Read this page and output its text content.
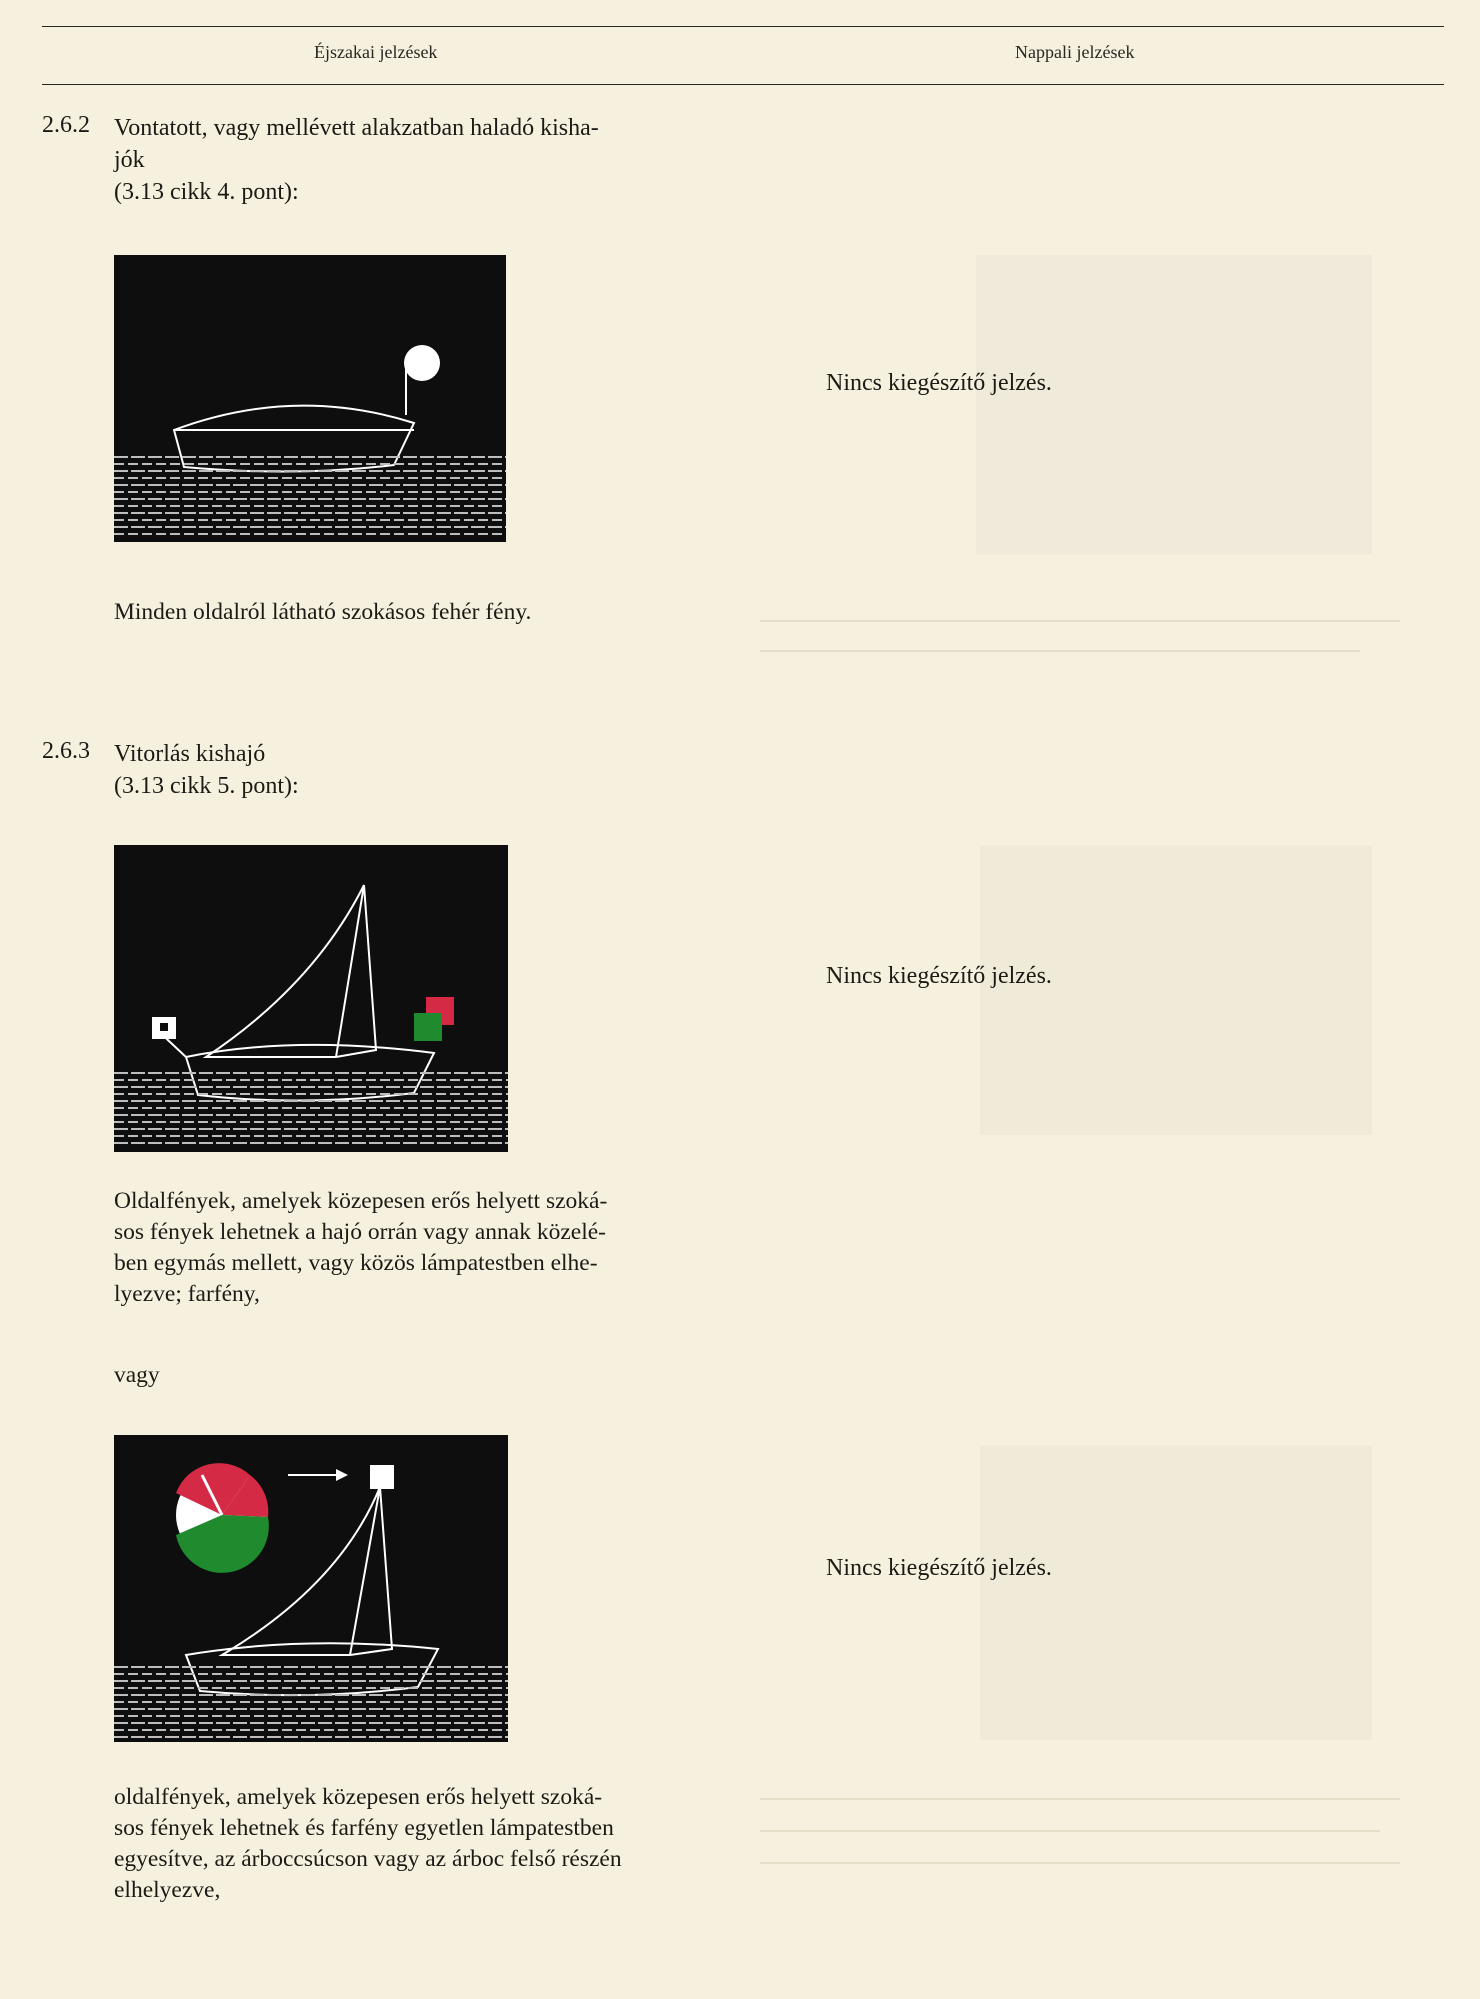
Éjszakai jelzések	Nappali jelzések
2.6.2 Vontatott, vagy mellévett alakzatban haladó kisha-
jók
(3.13 cikk 4. pont):
Minden oldalról látható szokásos fehér fény.
Nincs kiegészítő jelzés.
2.6.3 Vitorlás kishajó
(3.13 cikk 5. pont):
Oldalfények, amelyek közepesen erős helyett szoká-
sos fények lehetnek a hajó orrán vagy annak közelé-
ben egymás mellett, vagy közös lámpatestben elhe-
lyezve; farfény,
vagy
oldalfények, amelyek közepesen erős helyett szoká-
sos fények lehetnek és farfény egyetlen lámpatestben
egyesítve, az árboccsúcson vagy az árboc felső részén
elhelyezve,
Nincs kiegészítő jelzés.
Nincs kiegészítő jelzés.
